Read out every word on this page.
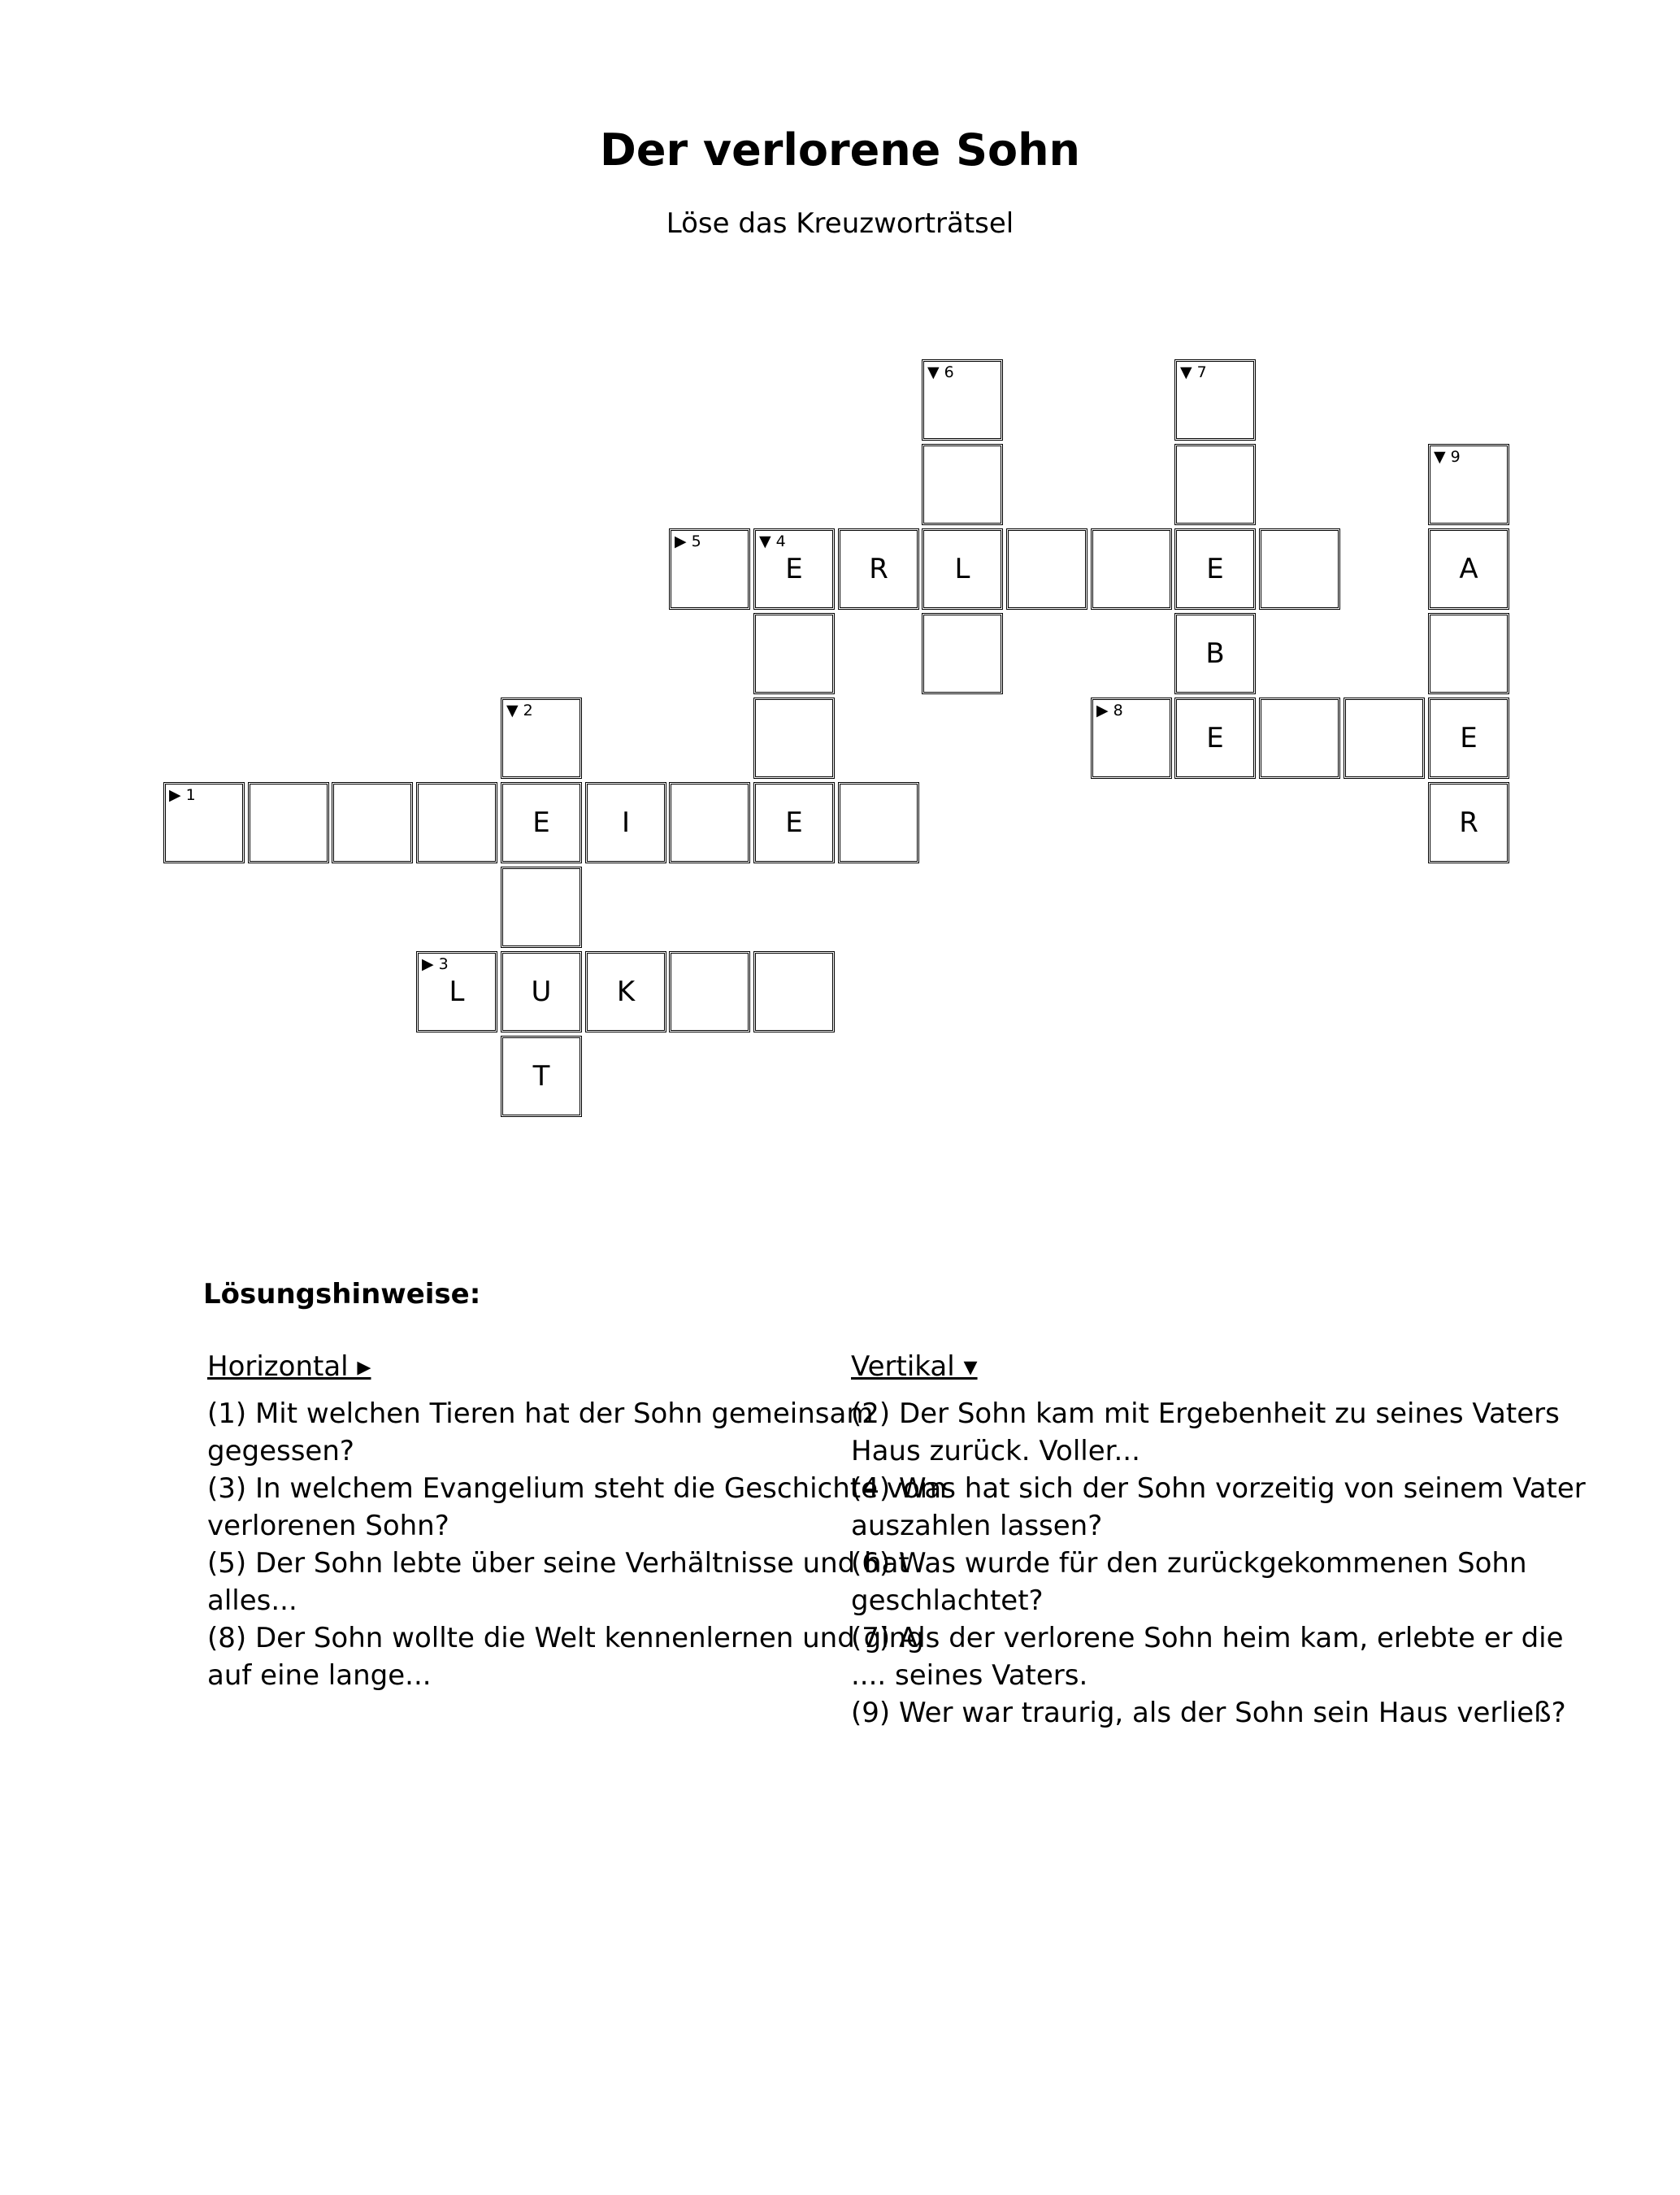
Der verlorene Sohn
Löse das Kreuzworträtsel
▼ 6	▼ 7
▼ 9
▶ 5	▼ 4
E	R	L	E	A
B
▼ 2	▶ 8
E	E
▶ 1
E	I	E	R
▶ 3
L	U	K
T
Lösungshinweise:
Horizontal ▸

(1) Mit welchen Tieren hat der Sohn gemeinsam gegessen?

(3) In welchem Evangelium steht die Geschichte vom verlorenen Sohn?

(5) Der Sohn lebte über seine Verhältnisse und hat alles...

(8) Der Sohn wollte die Welt kennenlernen und ging auf eine lange...

Vertikal ▾

(2) Der Sohn kam mit Ergebenheit zu seines Vaters Haus zurück. Voller...

(4) Was hat sich der Sohn vorzeitig von seinem Vater auszahlen lassen?

(6) Was wurde für den zurückgekommenen Sohn geschlachtet?

(7) Als der verlorene Sohn heim kam, erlebte er die .... seines Vaters.

(9) Wer war traurig, als der Sohn sein Haus verließ?
